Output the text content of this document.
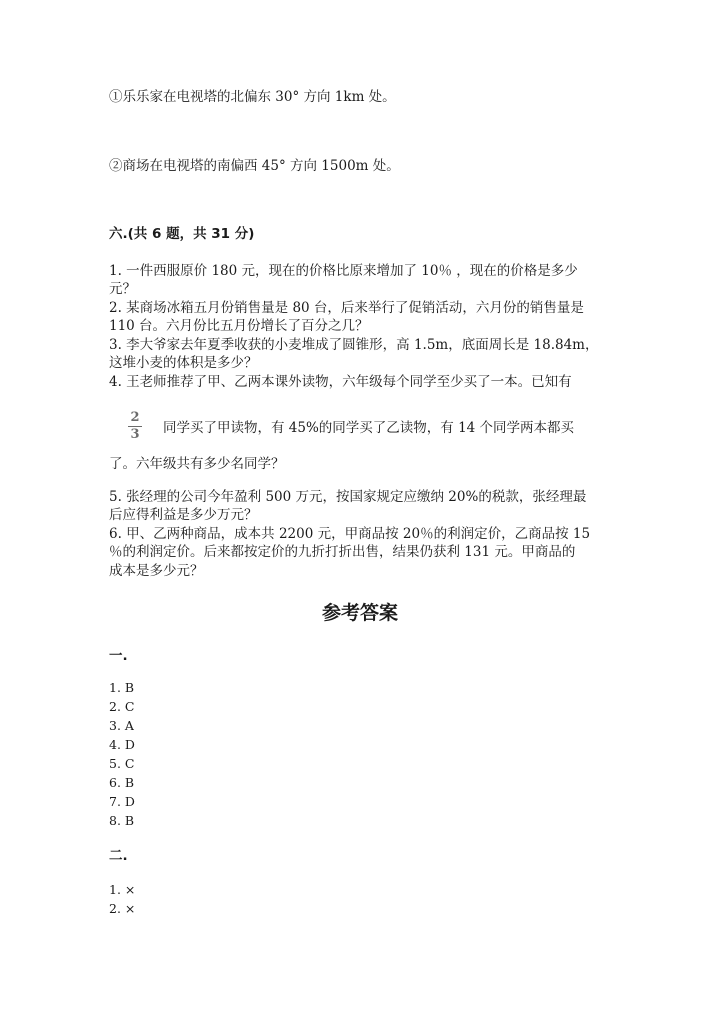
①乐乐家在电视塔的北偏东 30° 方向 1km 处。
②商场在电视塔的南偏西 45° 方向 1500m 处。
六.(共 6 题，共 31 分)
1. 一件西服原价 180 元，现在的价格比原来增加了 10％ ，现在的价格是多少
元？
2. 某商场冰箱五月份销售量是 80 台，后来举行了促销活动，六月份的销售量是
110 台。六月份比五月份增长了百分之几？
3. 李大爷家去年夏季收获的小麦堆成了圆锥形，高 1.5m，底面周长是 18.84m，
这堆小麦的体积是多少？
4. 王老师推荐了甲、乙两本课外读物，六年级每个同学至少买了一本。已知有
2
3 同学买了甲读物，有 45%的同学买了乙读物，有 14 个同学两本都买
了。六年级共有多少名同学？
5. 张经理的公司今年盈利 500 万元，按国家规定应缴纳 20%的税款，张经理最
后应得利益是多少万元？
6. 甲、乙两种商品，成本共 2200 元，甲商品按 20％的利润定价，乙商品按 15
％的利润定价。后来都按定价的九折打折出售，结果仍获利 131 元。甲商品的
成本是多少元？
参考答案
一.
1. B
2. C
3. A
4. D
5. C
6. B
7. D
8. B
二.
1. ×
2. ×
